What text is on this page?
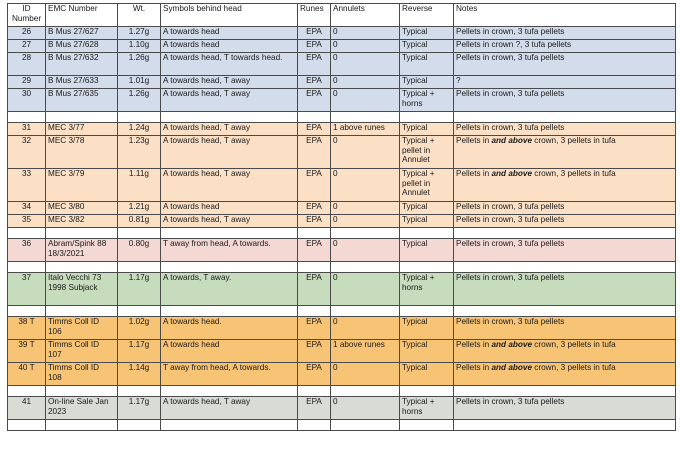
ID Number	EMC Number	Wt.	Symbols behind head	Runes	Annulets	Reverse	Notes
26	B Mus 27/627	1.27g	A towards head	EPA	0	Typical	Pellets in crown, 3 tufa pellets
27	B Mus 27/628	1.10g	A towards head	EPA	0	Typical	Pellets in crown ?, 3 tufa pellets
28	B Mus 27/632	1.26g	A towards head, T towards head.	EPA	0	Typical	Pellets in crown, 3 tufa pellets
29	B Mus 27/633	1.01g	A towards head, T away	EPA	0	Typical	?
30	B Mus 27/635	1.26g	A towards head, T away	EPA	0	Typical + horns	Pellets in crown, 3 tufa pellets

31	MEC 3/77	1.24g	A towards head, T away	EPA	1 above runes	Typical	Pellets in crown, 3 tufa pellets
32	MEC 3/78	1.23g	A towards head, T away	EPA	0	Typical + pellet in Annulet	Pellets in and above crown, 3 pellets in tufa
33	MEC 3/79	1.11g	A towards head, T away	EPA	0	Typical + pellet in Annulet	Pellets in and above crown, 3 pellets in tufa
34	MEC 3/80	1.21g	A towards head	EPA	0	Typical	Pellets in crown, 3 tufa pellets
35	MEC 3/82	0.81g	A towards head, T away	EPA	0	Typical	Pellets in crown, 3 tufa pellets

36	Abram/Spink 88 18/3/2021	0.80g	T away from head, A towards.	EPA	0	Typical	Pellets in crown, 3 tufa pellets

37	Italo Vecchi 73 1998 Subjack	1.17g	A towards, T away.	EPA	0	Typical + horns	Pellets in crown, 3 tufa pellets

38 T	Timms Coll ID 106	1.02g	A towards head.	EPA	0	Typical	Pellets in crown, 3 tufa pellets
39 T	Timms Coll ID 107	1.17g	A towards head	EPA	1 above runes	Typical	Pellets in and above crown, 3 pellets in tufa
40 T	Timms Coll ID 108	1.14g	T away from head, A towards.	EPA	0	Typical	Pellets in and above crown, 3 pellets in tufa

41	On-line Sale Jan 2023	1.17g	A towards head, T away	EPA	0	Typical + horns	Pellets in crown, 3 tufa pellets
